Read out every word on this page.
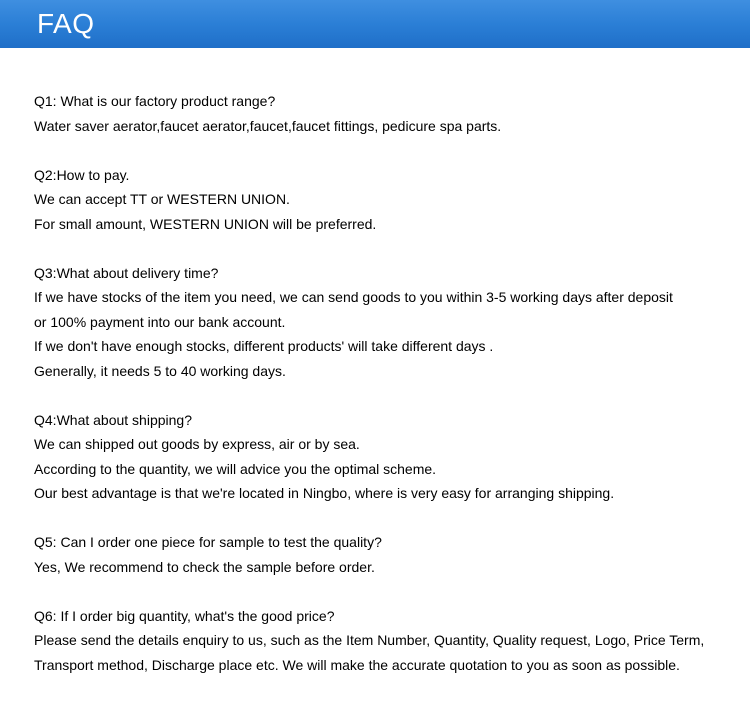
FAQ
Q1: What is our factory product range?
Water saver aerator,faucet aerator,faucet,faucet fittings, pedicure spa parts.
Q2:How to pay.
We can accept TT or WESTERN UNION.
For small amount, WESTERN UNION will be preferred.
Q3:What about delivery time?
If we have stocks of the item you need, we can send goods to you within 3-5 working days after deposit
or 100% payment into our bank account.
If we don't have enough stocks, different products' will take different days .
Generally, it needs 5 to 40 working days.
Q4:What about shipping?
We can shipped out goods by express, air or by sea.
According to the quantity, we will advice you the optimal scheme.
Our best advantage is that we're located in Ningbo, where is very easy for arranging shipping.
Q5: Can I order one piece for sample to test the quality?
Yes, We recommend to check the sample before order.
Q6: If I order big quantity, what's the good price?
Please send the details enquiry to us, such as the Item Number, Quantity, Quality request, Logo, Price Term,
Transport method, Discharge place etc. We will make the accurate quotation to you as soon as possible.
